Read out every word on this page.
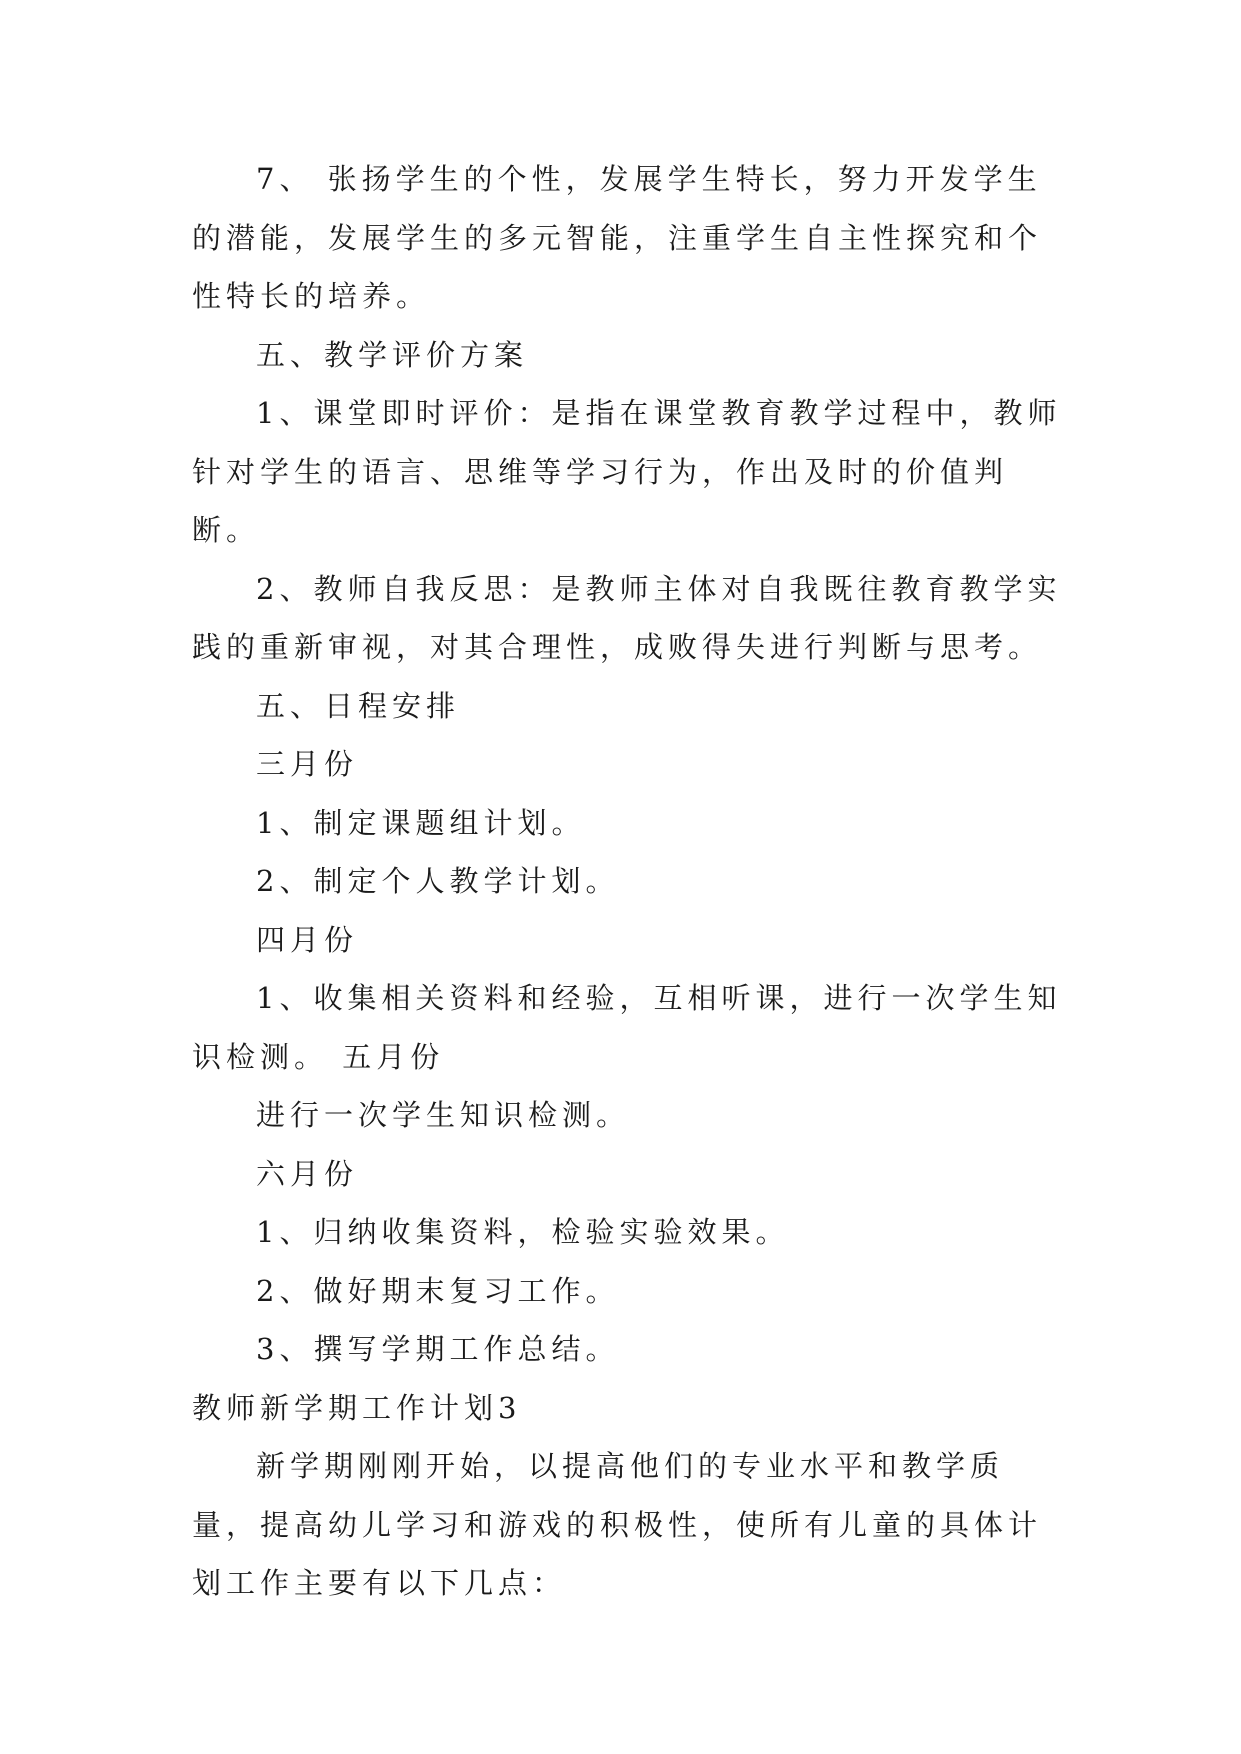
7、 张扬学生的个性，发展学生特长，努力开发学生的潜能，发展学生的多元智能，注重学生自主性探究和个性特长的培养。

五、教学评价方案

1、课堂即时评价：是指在课堂教育教学过程中，教师针对学生的语言、思维等学习行为，作出及时的价值判断。

2、教师自我反思：是教师主体对自我既往教育教学实践的重新审视，对其合理性，成败得失进行判断与思考。

五、日程安排

三月份

1、制定课题组计划。

2、制定个人教学计划。

四月份

1、收集相关资料和经验，互相听课，进行一次学生知识检测。 五月份

进行一次学生知识检测。

六月份

1、归纳收集资料，检验实验效果。

2、做好期末复习工作。

3、撰写学期工作总结。

教师新学期工作计划3

新学期刚刚开始，以提高他们的专业水平和教学质量，提高幼儿学习和游戏的积极性，使所有儿童的具体计划工作主要有以下几点：
